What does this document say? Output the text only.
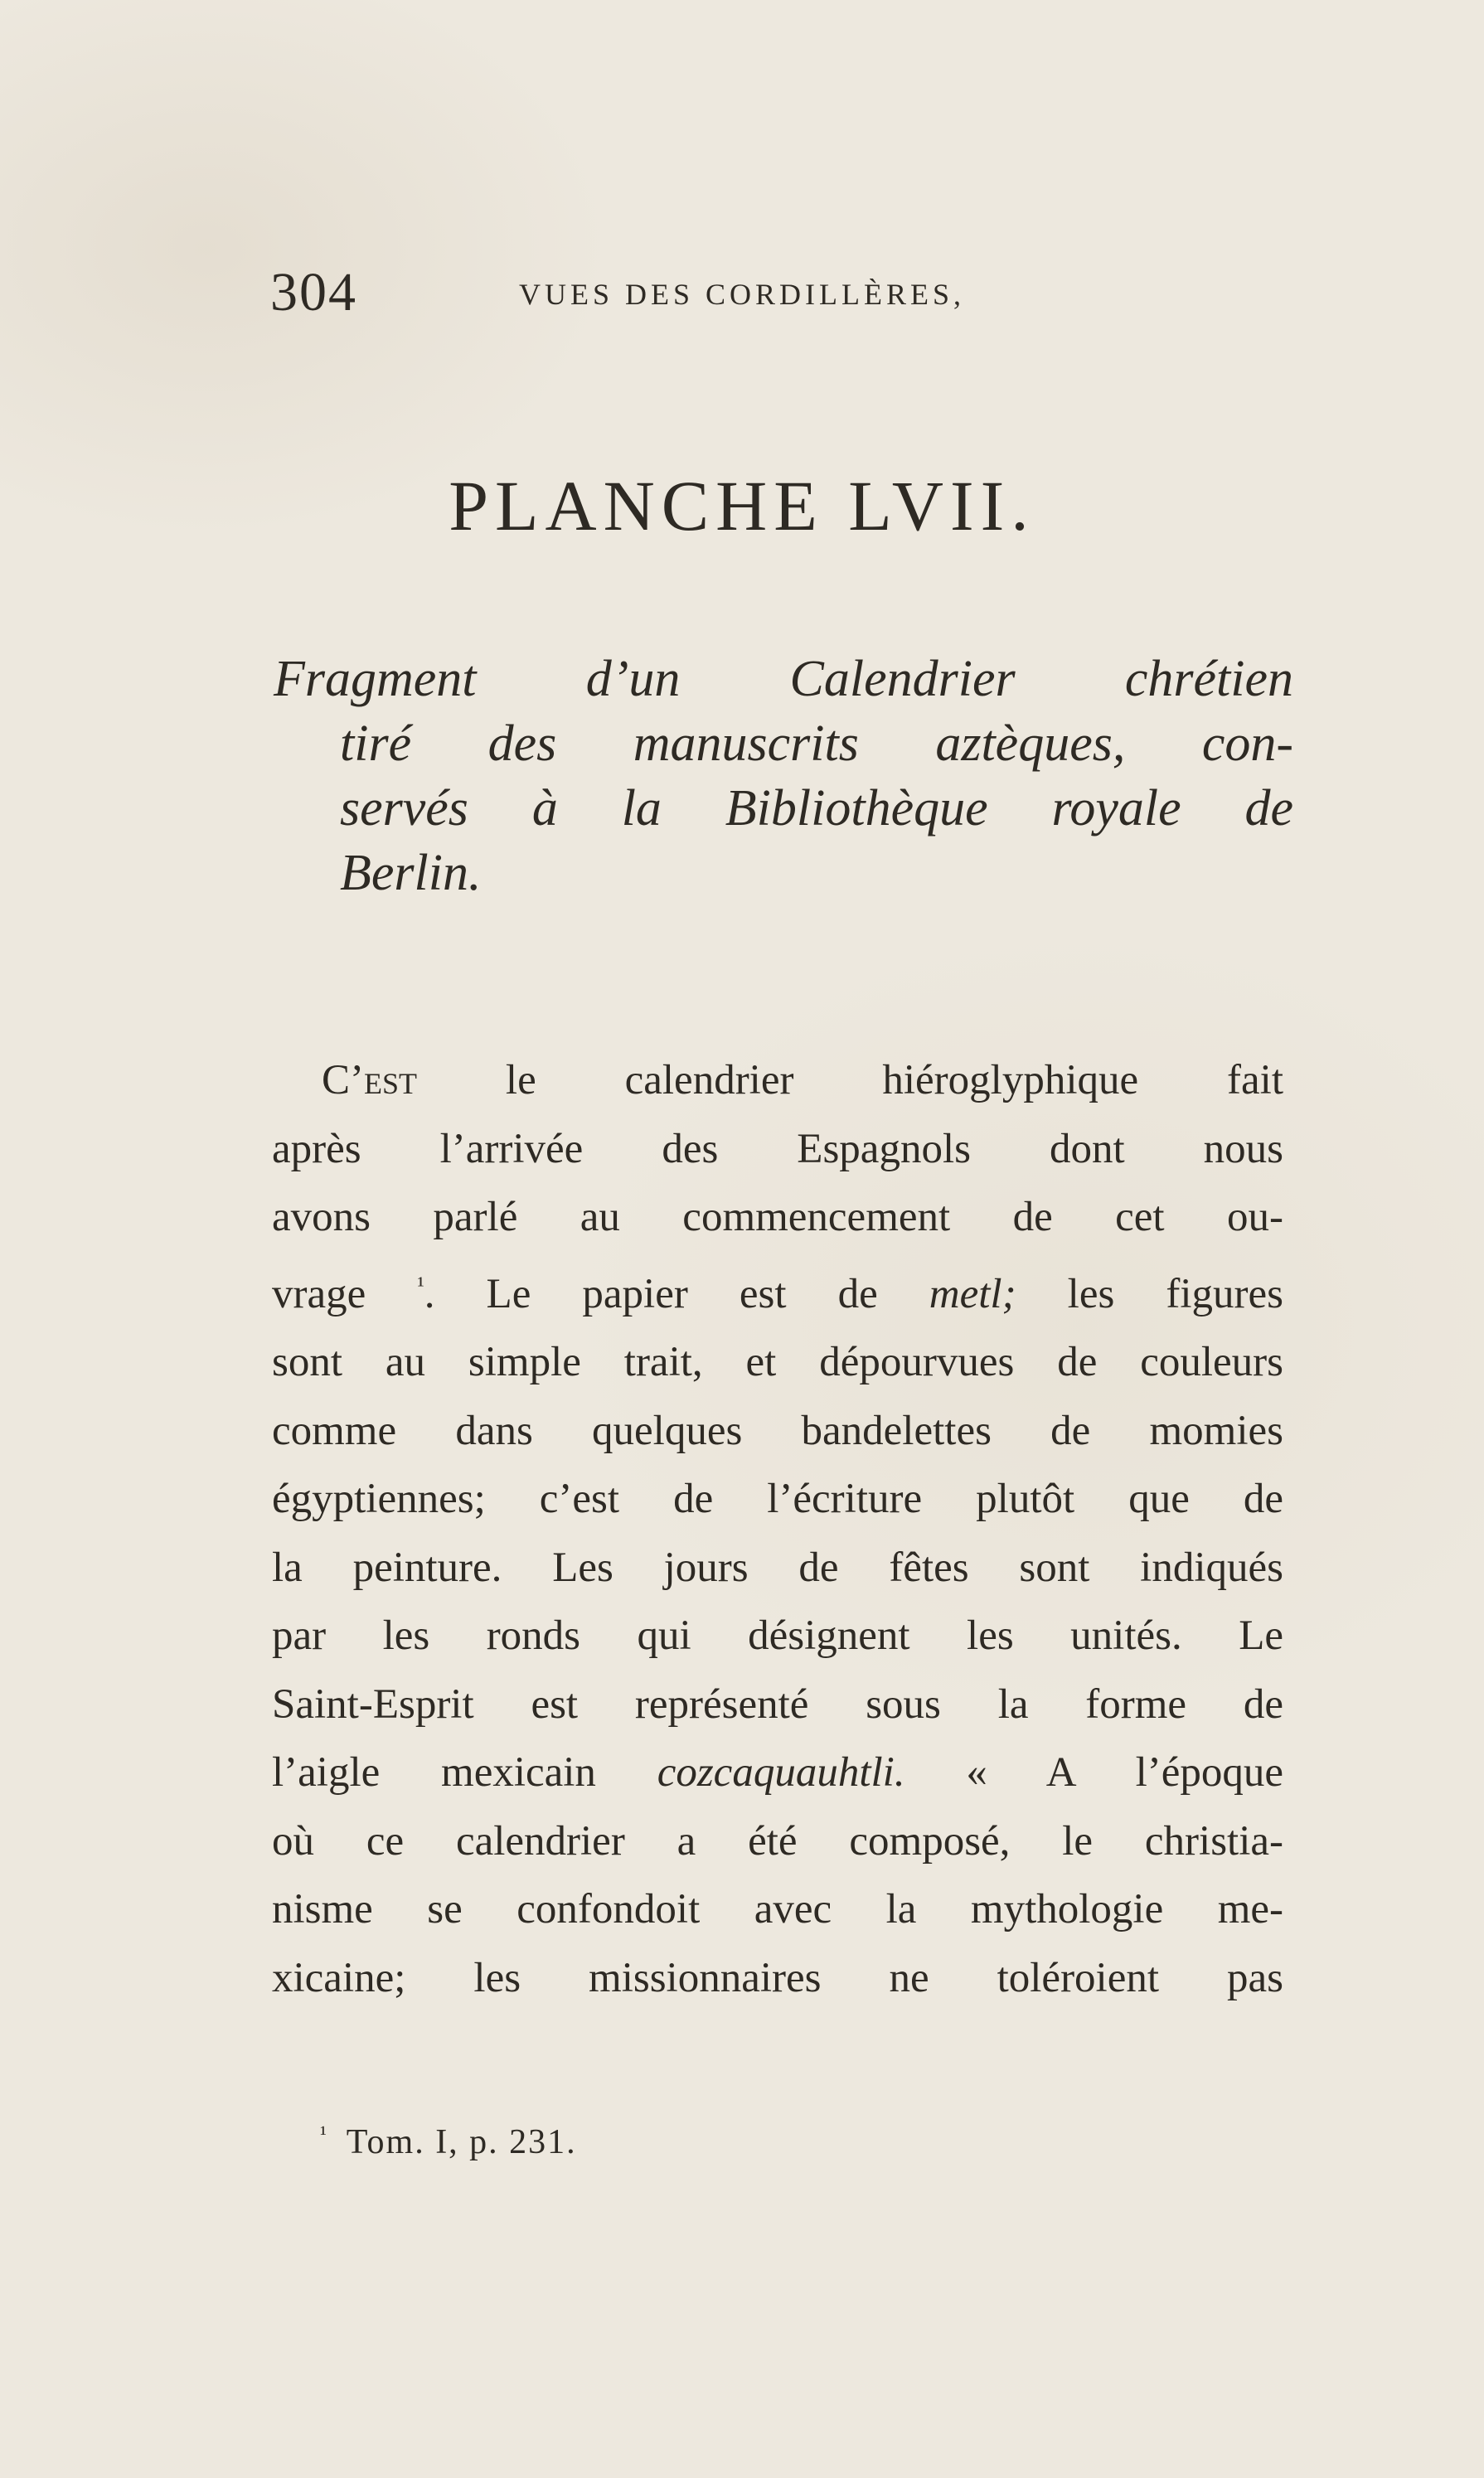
304	VUES DES CORDILLÈRES,
PLANCHE LVII.
Fragment d’un Calendrier chrétien
tiré des manuscrits aztèques, con-
servés à la Bibliothèque royale de
Berlin.
C’est le calendrier hiéroglyphique fait
après l’arrivée des Espagnols dont nous
avons parlé au commencement de cet ou-
vrage $^{^1}$. Le papier est de metl; les figures
sont au simple trait, et dépourvues de couleurs
comme dans quelques bandelettes de momies
égyptiennes; c’est de l’écriture plutôt que de
la peinture. Les jours de fêtes sont indiqués
par les ronds qui désignent les unités. Le
Saint-Esprit est représenté sous la forme de
l’aigle mexicain cozcaquauhtli. « A l’époque
où ce calendrier a été composé, le christia-
nisme se confondoit avec la mythologie me-
xicaine; les missionnaires ne toléroient pas
$^{^1}$ Tom. I, p. 231.
